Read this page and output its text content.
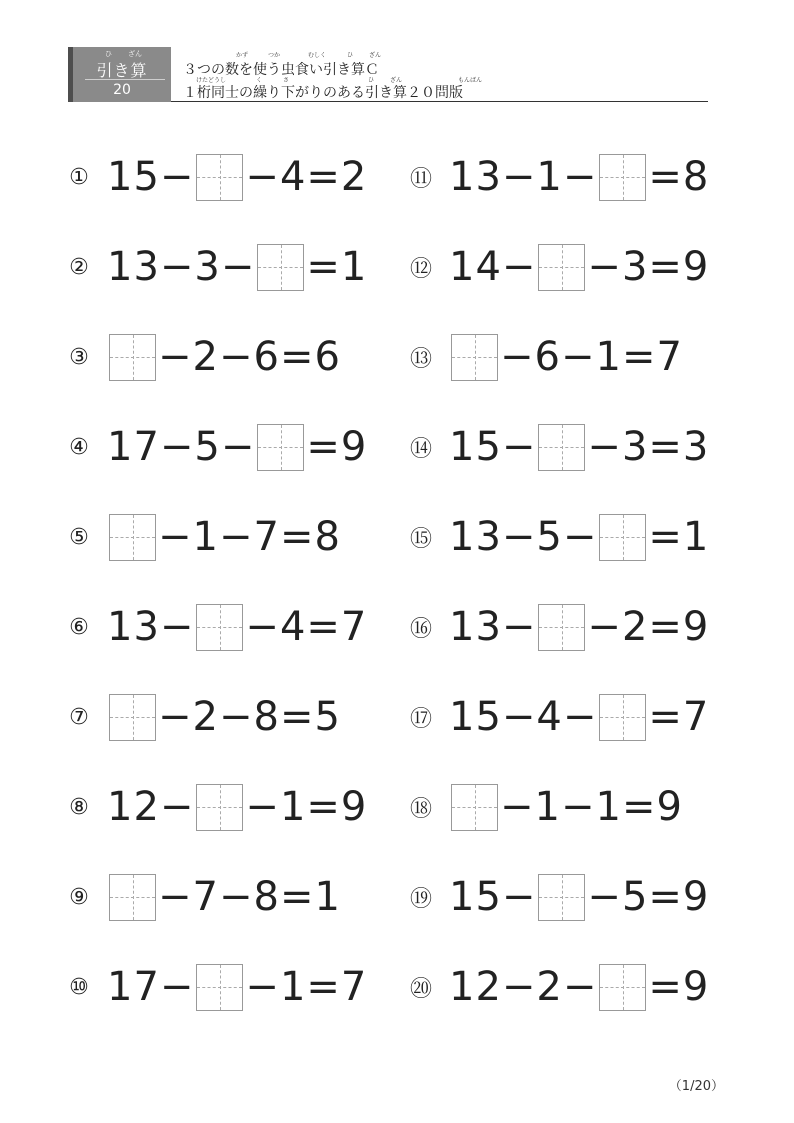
ひ ざん
引き算
20
かず	つか	むしく	ひ	ざん
３つの数を使う虫食い引き算Ｃ
けたどうし	く	さ	ひ	ざん	もんばん
１桁同士の繰り下がりのある引き算２０問版
① 15 − − 4 = 2
② 13 − 3 − = 1
③ − 2 − 6 = 6
④ 17 − 5 − = 9
⑤ − 1 − 7 = 8
⑥ 13 − − 4 = 7
⑦ − 2 − 8 = 5
⑧ 12 − − 1 = 9
⑨ − 7 − 8 = 1
⑩ 17 − − 1 = 7
⑪ 13 − 1 − = 8
⑫ 14 − − 3 = 9
⑬ − 6 − 1 = 7
⑭ 15 − − 3 = 3
⑮ 13 − 5 − = 1
⑯ 13 − − 2 = 9
⑰ 15 − 4 − = 7
⑱ − 1 − 1 = 9
⑲ 15 − − 5 = 9
⑳ 12 − 2 − = 9
（1/20）
